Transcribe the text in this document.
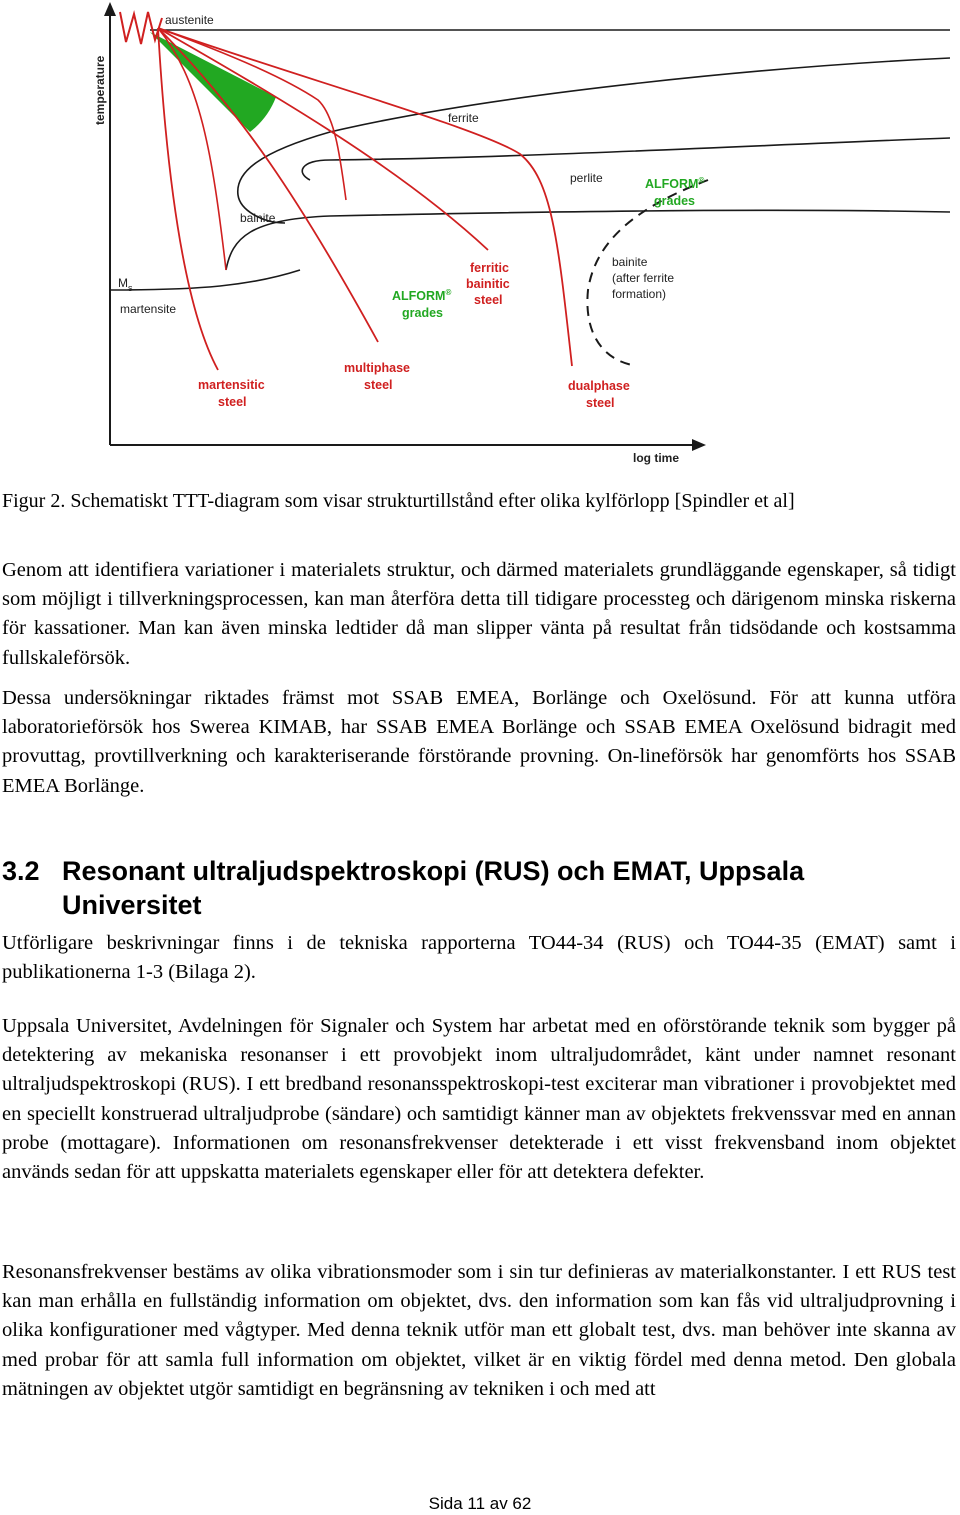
temperature
log time
austenite
ferrite
perlite
bainite
$M_s$
martensite
bainite
(after ferrite
formation)
martensitic
steel
multiphase
steel
ferritic
bainitic
steel
dualphase
steel
ALFORM®
grades
ALFORM®
grades
Figur 2. Schematiskt TTT-diagram som visar strukturtillstånd efter olika kylförlopp [Spindler et al]
Genom att identifiera variationer i materialets struktur, och därmed materialets grundläggande egenskaper, så tidigt som möjligt i tillverkningsprocessen, kan man återföra detta till tidigare processteg och därigenom minska riskerna för kassationer. Man kan även minska ledtider då man slipper vänta på resultat från tidsödande och kostsamma fullskaleförsök.
Dessa undersökningar riktades främst mot SSAB EMEA, Borlänge och Oxelösund. För att kunna utföra laboratorieförsök hos Swerea KIMAB, har SSAB EMEA Borlänge och SSAB EMEA Oxelösund bidragit med provuttag, provtillverkning och karakteriserande förstörande provning. On-lineförsök har genomförts hos SSAB EMEA Borlänge.
3.2 Resonant ultraljudspektroskopi (RUS) och EMAT, Uppsala
Universitet
Utförligare beskrivningar finns i de tekniska rapporterna TO44-34 (RUS) och TO44-35 (EMAT) samt i publikationerna 1-3 (Bilaga 2).
Uppsala Universitet, Avdelningen för Signaler och System har arbetat med en oförstörande teknik som bygger på detektering av mekaniska resonanser i ett provobjekt inom ultraljudområdet, känt under namnet resonant ultraljudspektroskopi (RUS). I ett bredband resonansspektroskopi-test exciterar man vibrationer i provobjektet med en speciellt konstruerad ultraljudprobe (sändare) och samtidigt känner man av objektets frekvenssvar med en annan probe (mottagare). Informationen om resonansfrekvenser detekterade i ett visst frekvensband inom objektet används sedan för att uppskatta materialets egenskaper eller för att detektera defekter.
Resonansfrekvenser bestäms av olika vibrationsmoder som i sin tur definieras av materialkonstanter. I ett RUS test kan man erhålla en fullständig information om objektet, dvs. den information som kan fås vid ultraljudprovning i olika konfigurationer med vågtyper. Med denna teknik utför man ett globalt test, dvs. man behöver inte skanna av med probar för att samla full information om objektet, vilket är en viktig fördel med denna metod. Den globala mätningen av objektet utgör samtidigt en begränsning av tekniken i och med att
Sida 11 av 62
